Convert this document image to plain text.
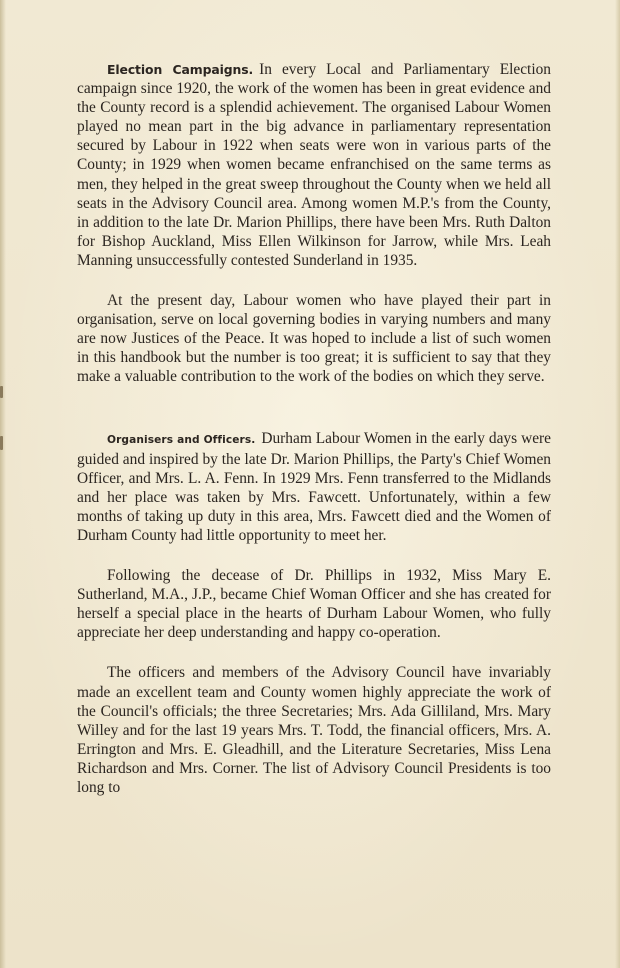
Election Campaigns. In every Local and Parliamentary Election campaign since 1920, the work of the women has been in great evidence and the County record is a splendid achievement. The organised Labour Women played no mean part in the big advance in parliamentary representation secured by Labour in 1922 when seats were won in various parts of the County; in 1929 when women became enfranchised on the same terms as men, they helped in the great sweep throughout the County when we held all seats in the Advisory Council area. Among women M.P.'s from the County, in addition to the late Dr. Marion Phillips, there have been Mrs. Ruth Dalton for Bishop Auckland, Miss Ellen Wilkinson for Jarrow, while Mrs. Leah Manning unsuccessfully contested Sunderland in 1935.

At the present day, Labour women who have played their part in organisation, serve on local governing bodies in varying numbers and many are now Justices of the Peace. It was hoped to include a list of such women in this handbook but the number is too great; it is sufficient to say that they make a valuable contribution to the work of the bodies on which they serve.

Organisers and Officers. Durham Labour Women in the early days were guided and inspired by the late Dr. Marion Phillips, the Party's Chief Women Officer, and Mrs. L. A. Fenn. In 1929 Mrs. Fenn transferred to the Midlands and her place was taken by Mrs. Fawcett. Unfortunately, within a few months of taking up duty in this area, Mrs. Fawcett died and the Women of Durham County had little opportunity to meet her.

Following the decease of Dr. Phillips in 1932, Miss Mary E. Sutherland, M.A., J.P., became Chief Woman Officer and she has created for herself a special place in the hearts of Durham Labour Women, who fully appreciate her deep understanding and happy co-operation.

The officers and members of the Advisory Council have invariably made an excellent team and County women highly appreciate the work of the Council's officials; the three Secretaries; Mrs. Ada Gilliland, Mrs. Mary Willey and for the last 19 years Mrs. T. Todd, the financial officers, Mrs. A. Errington and Mrs. E. Gleadhill, and the Literature Secretaries, Miss Lena Richardson and Mrs. Corner. The list of Advisory Council Presidents is too long to
